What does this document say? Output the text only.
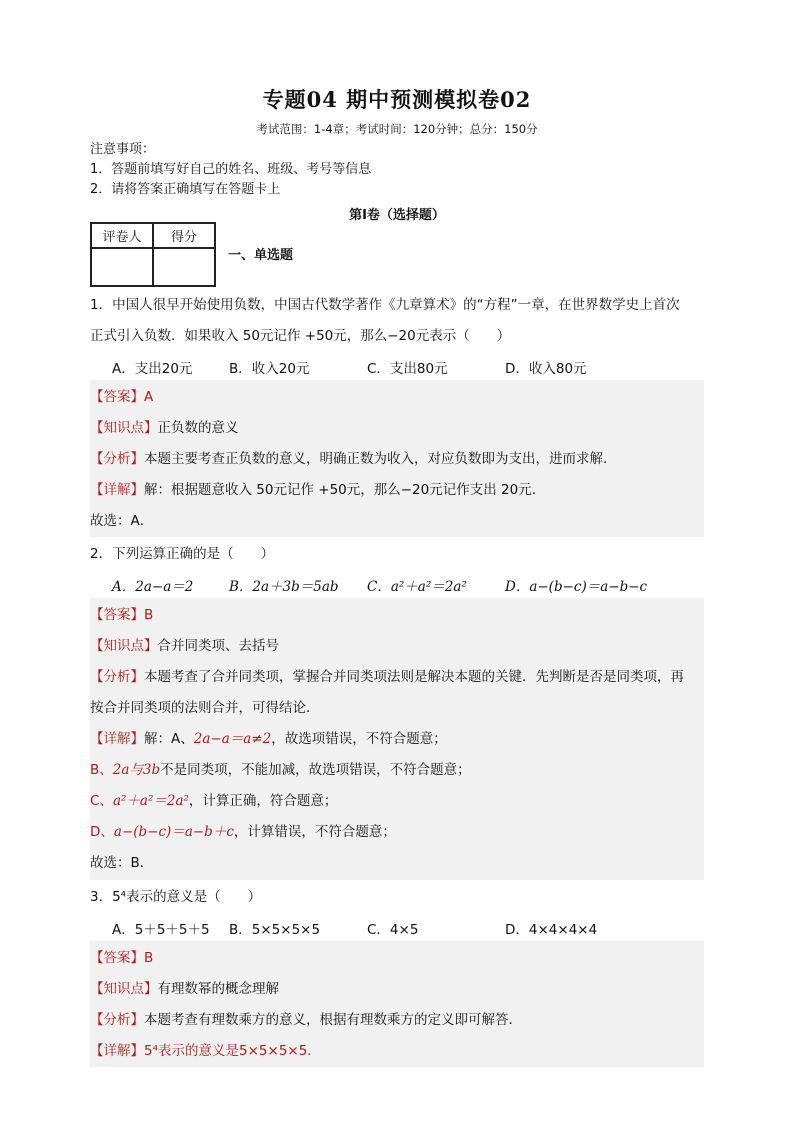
专题04 期中预测模拟卷02
考试范围：1-4章；考试时间：120分钟；总分：150分
注意事项：
1．答题前填写好自己的姓名、班级、考号等信息
2．请将答案正确填写在答题卡上
第I卷（选择题）
评卷人	得分

一、单选题
1．中国人很早开始使用负数，中国古代数学著作《九章算术》的“方程”一章，在世界数学史上首次
正式引入负数．如果收入 50元记作 +50元，那么−20元表示（　　）
A．支出20元	B．收入20元	C．支出80元	D．收入80元
【答案】A
【知识点】正负数的意义
【分析】本题主要考查正负数的意义，明确正数为收入，对应负数即为支出，进而求解．
【详解】解：根据题意收入 50元记作 +50元，那么−20元记作支出 20元．
故选：A．
2．下列运算正确的是（　　）
A．2a−a＝2	B．2a＋3b＝5ab C．a²＋a²＝2a²	D．a−(b−c)＝a−b−c
【答案】B
【知识点】合并同类项、去括号
【分析】本题考查了合并同类项，掌握合并同类项法则是解决本题的关键．先判断是否是同类项，再
按合并同类项的法则合并，可得结论．
【详解】解：A、2a−a＝a≠2，故选项错误，不符合题意；
B、2a与3b不是同类项，不能加减，故选项错误，不符合题意；
C、a²＋a²＝2a²，计算正确，符合题意；
D、a−(b−c)＝a−b＋c，计算错误，不符合题意；
故选：B．
3．5⁴表示的意义是（　　）
A．5＋5＋5＋5 B．5×5×5×5	C．4×5	D．4×4×4×4
【答案】B
【知识点】有理数幂的概念理解
【分析】本题考查有理数乘方的意义，根据有理数乘方的定义即可解答．
【详解】5⁴表示的意义是5×5×5×5．
